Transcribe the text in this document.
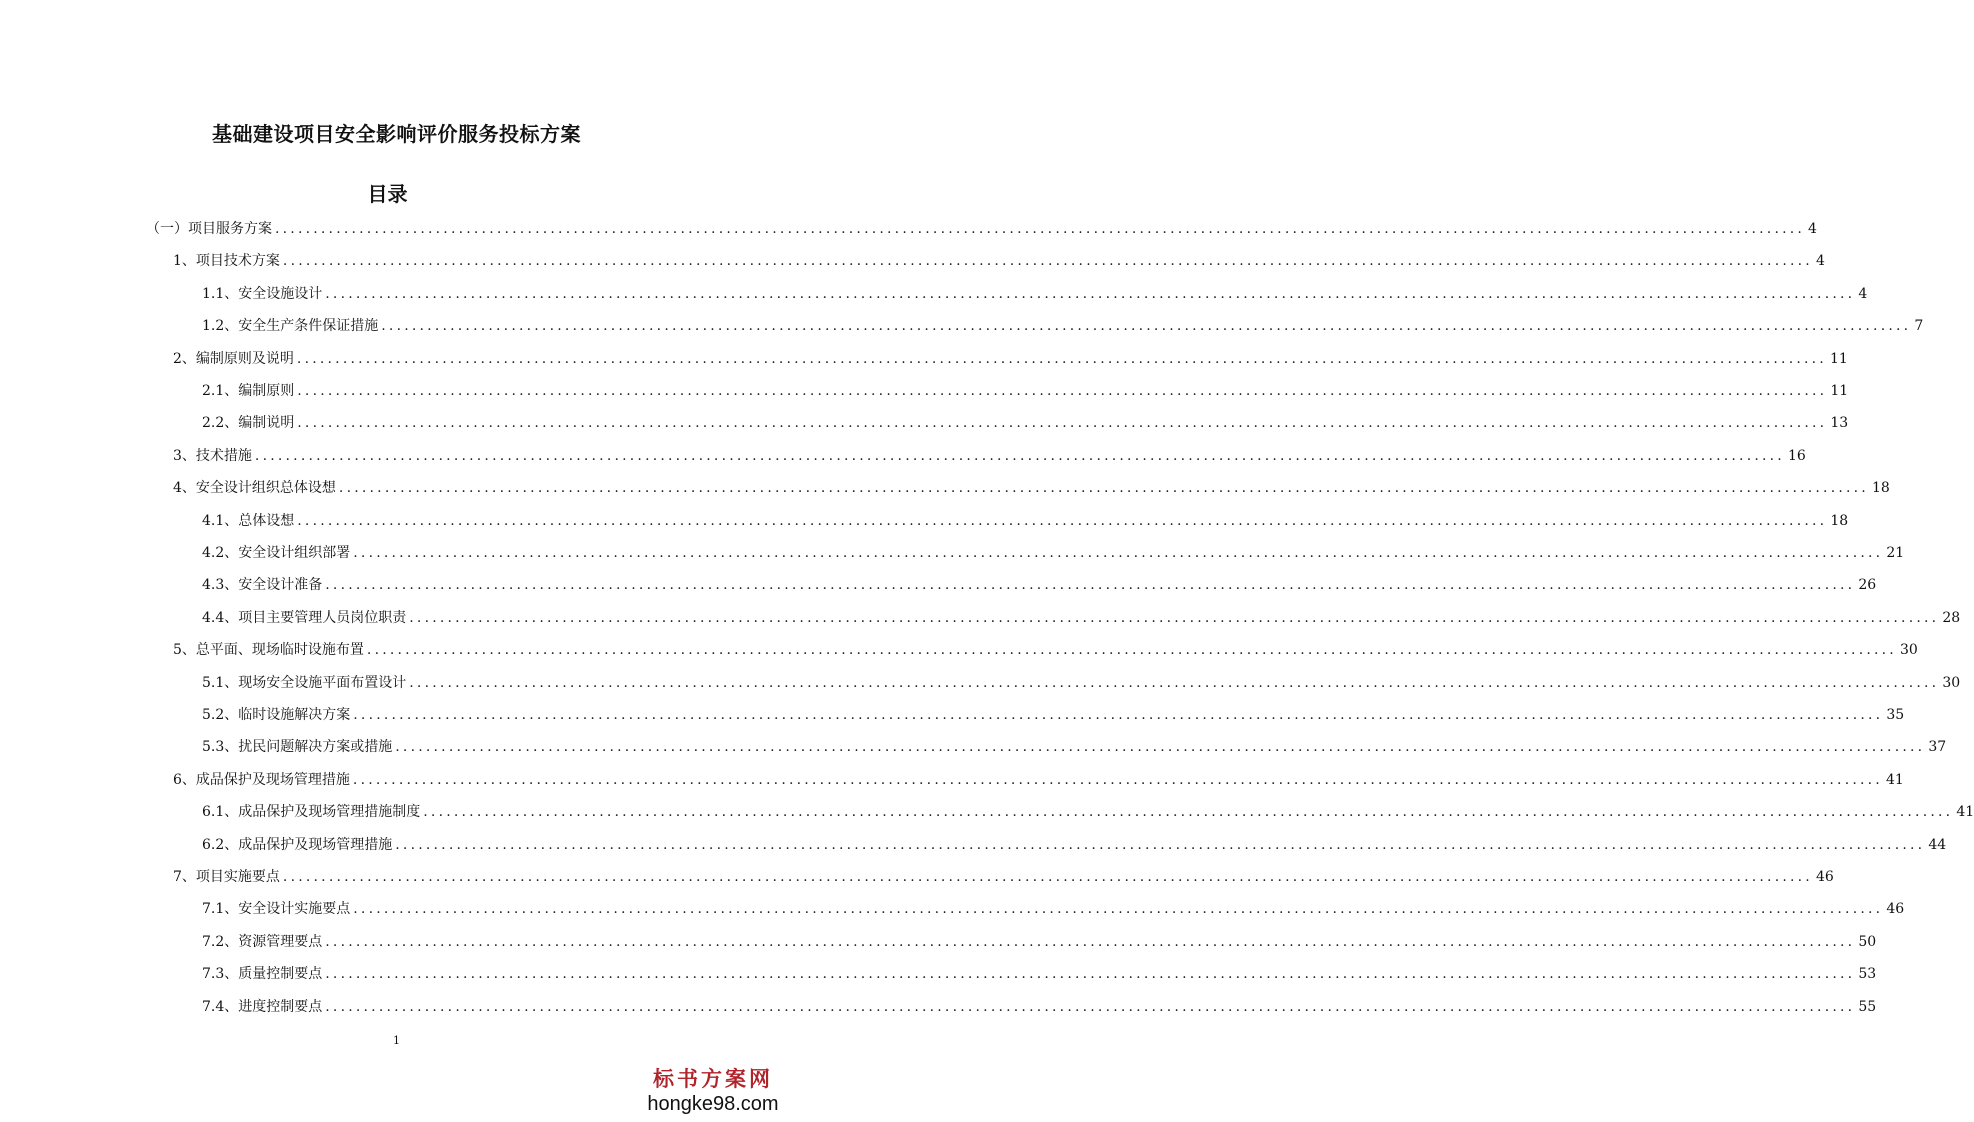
基础建设项目安全影响评价服务投标方案
目录
（一） 项目服务方案 ........................................................................................................................................................................................................ 4
1、 项目技术方案 ........................................................................................................................................................................................................ 4
1.1、 安全设施设计 ........................................................................................................................................................................................................ 4
1.2、 安全生产条件保证措施 ........................................................................................................................................................................................................ 7
2、 编制原则及说明 ........................................................................................................................................................................................................ 11
2.1、 编制原则 ........................................................................................................................................................................................................ 11
2.2、 编制说明 ........................................................................................................................................................................................................ 13
3、 技术措施 ........................................................................................................................................................................................................ 16
4、 安全设计组织总体设想 ........................................................................................................................................................................................................ 18
4.1、 总体设想 ........................................................................................................................................................................................................ 18
4.2、 安全设计组织部署 ........................................................................................................................................................................................................ 21
4.3、 安全设计准备 ........................................................................................................................................................................................................ 26
4.4、 项目主要管理人员岗位职责 ........................................................................................................................................................................................................ 28
5、 总平面、现场临时设施布置 ........................................................................................................................................................................................................ 30
5.1、 现场安全设施平面布置设计 ........................................................................................................................................................................................................ 30
5.2、 临时设施解决方案 ........................................................................................................................................................................................................ 35
5.3、 扰民问题解决方案或措施 ........................................................................................................................................................................................................ 37
6、 成品保护及现场管理措施 ........................................................................................................................................................................................................ 41
6.1、 成品保护及现场管理措施制度 ........................................................................................................................................................................................................ 41
6.2、 成品保护及现场管理措施 ........................................................................................................................................................................................................ 44
7、 项目实施要点 ........................................................................................................................................................................................................ 46
7.1、 安全设计实施要点 ........................................................................................................................................................................................................ 46
7.2、 资源管理要点 ........................................................................................................................................................................................................ 50
7.3、 质量控制要点 ........................................................................................................................................................................................................ 53
7.4、 进度控制要点 ........................................................................................................................................................................................................ 55
1
标书方案网
hongke98.com
